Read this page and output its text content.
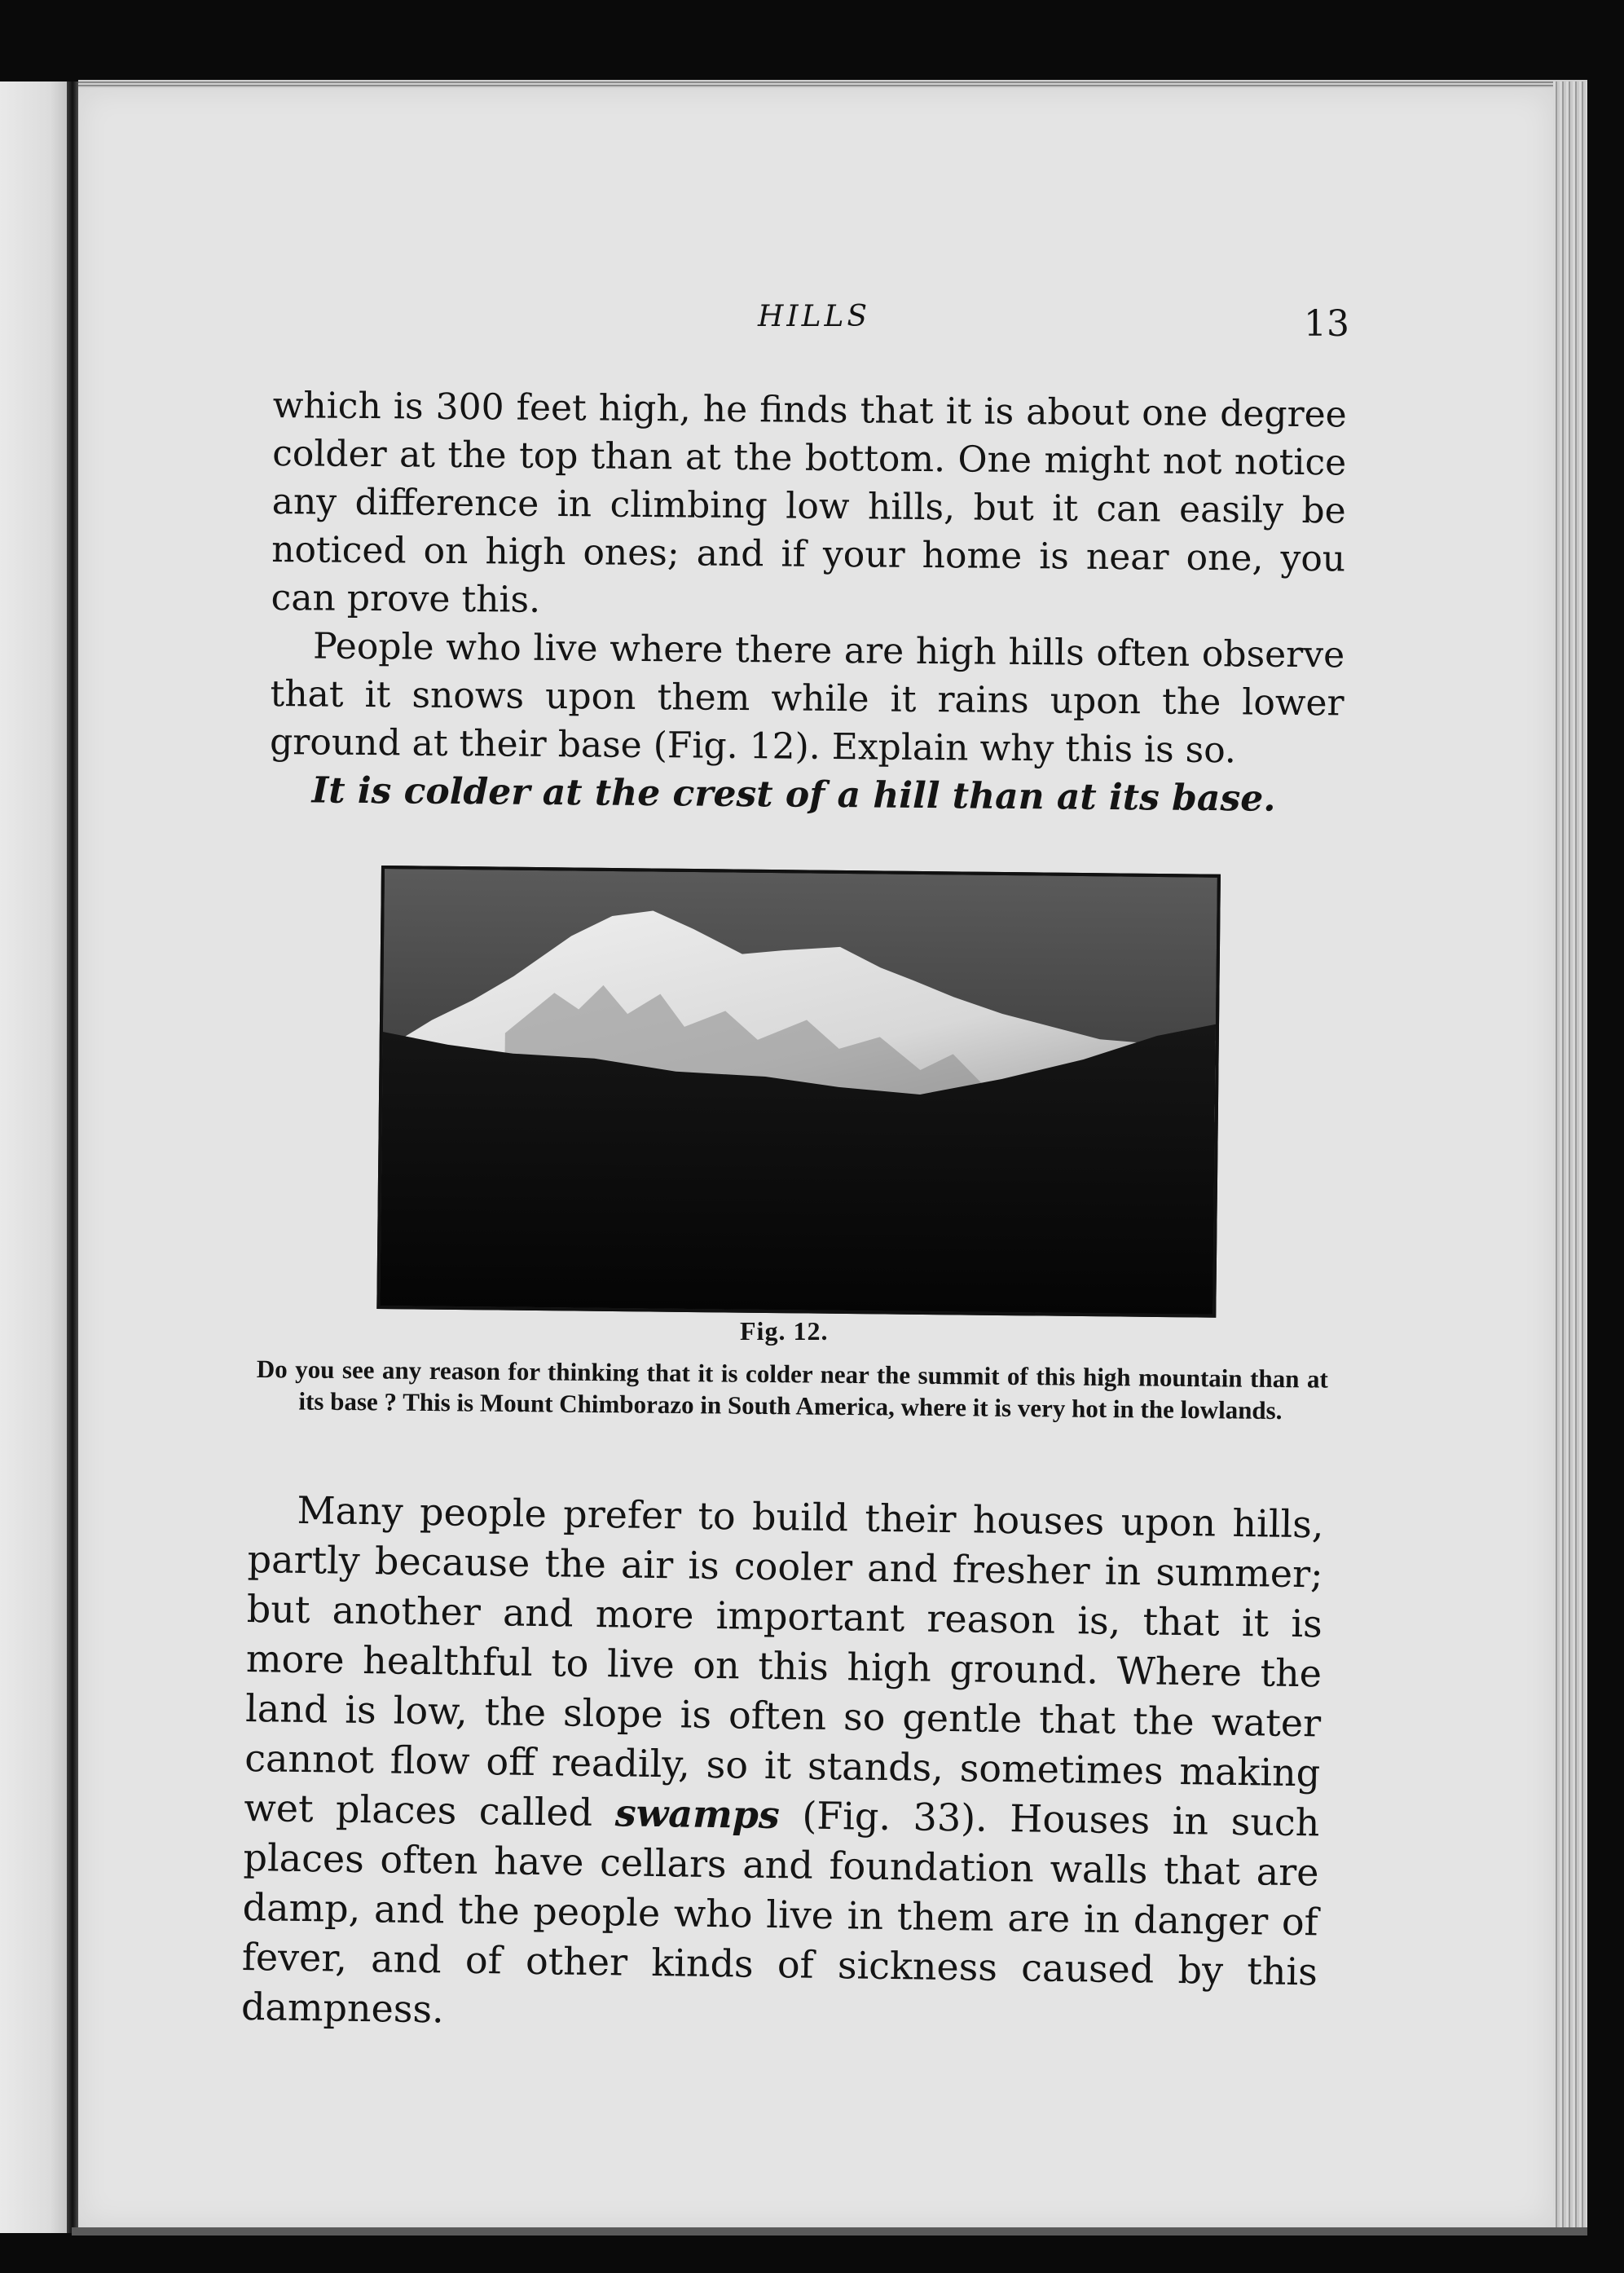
HILLS	13

which is 300 feet high, he finds that it is about one degree colder at the top than at the bottom. One might not notice any difference in climbing low hills, but it can easily be noticed on high ones; and if your home is near one, you can prove this.

People who live where there are high hills often observe that it snows upon them while it rains upon the lower ground at their base (Fig. 12). Explain why this is so.

It is colder at the crest of a hill than at its base.

Fig. 12.

Do you see any reason for thinking that it is colder near the summit of this high mountain than at its base ? This is Mount Chimborazo in South America, where it is very hot in the lowlands.

Many people prefer to build their houses upon hills, partly because the air is cooler and fresher in summer; but another and more important reason is, that it is more healthful to live on this high ground. Where the land is low, the slope is often so gentle that the water cannot flow off readily, so it stands, sometimes making wet places called swamps (Fig. 33). Houses in such places often have cellars and foundation walls that are damp, and the people who live in them are in danger of fever, and of other kinds of sickness caused by this dampness.
